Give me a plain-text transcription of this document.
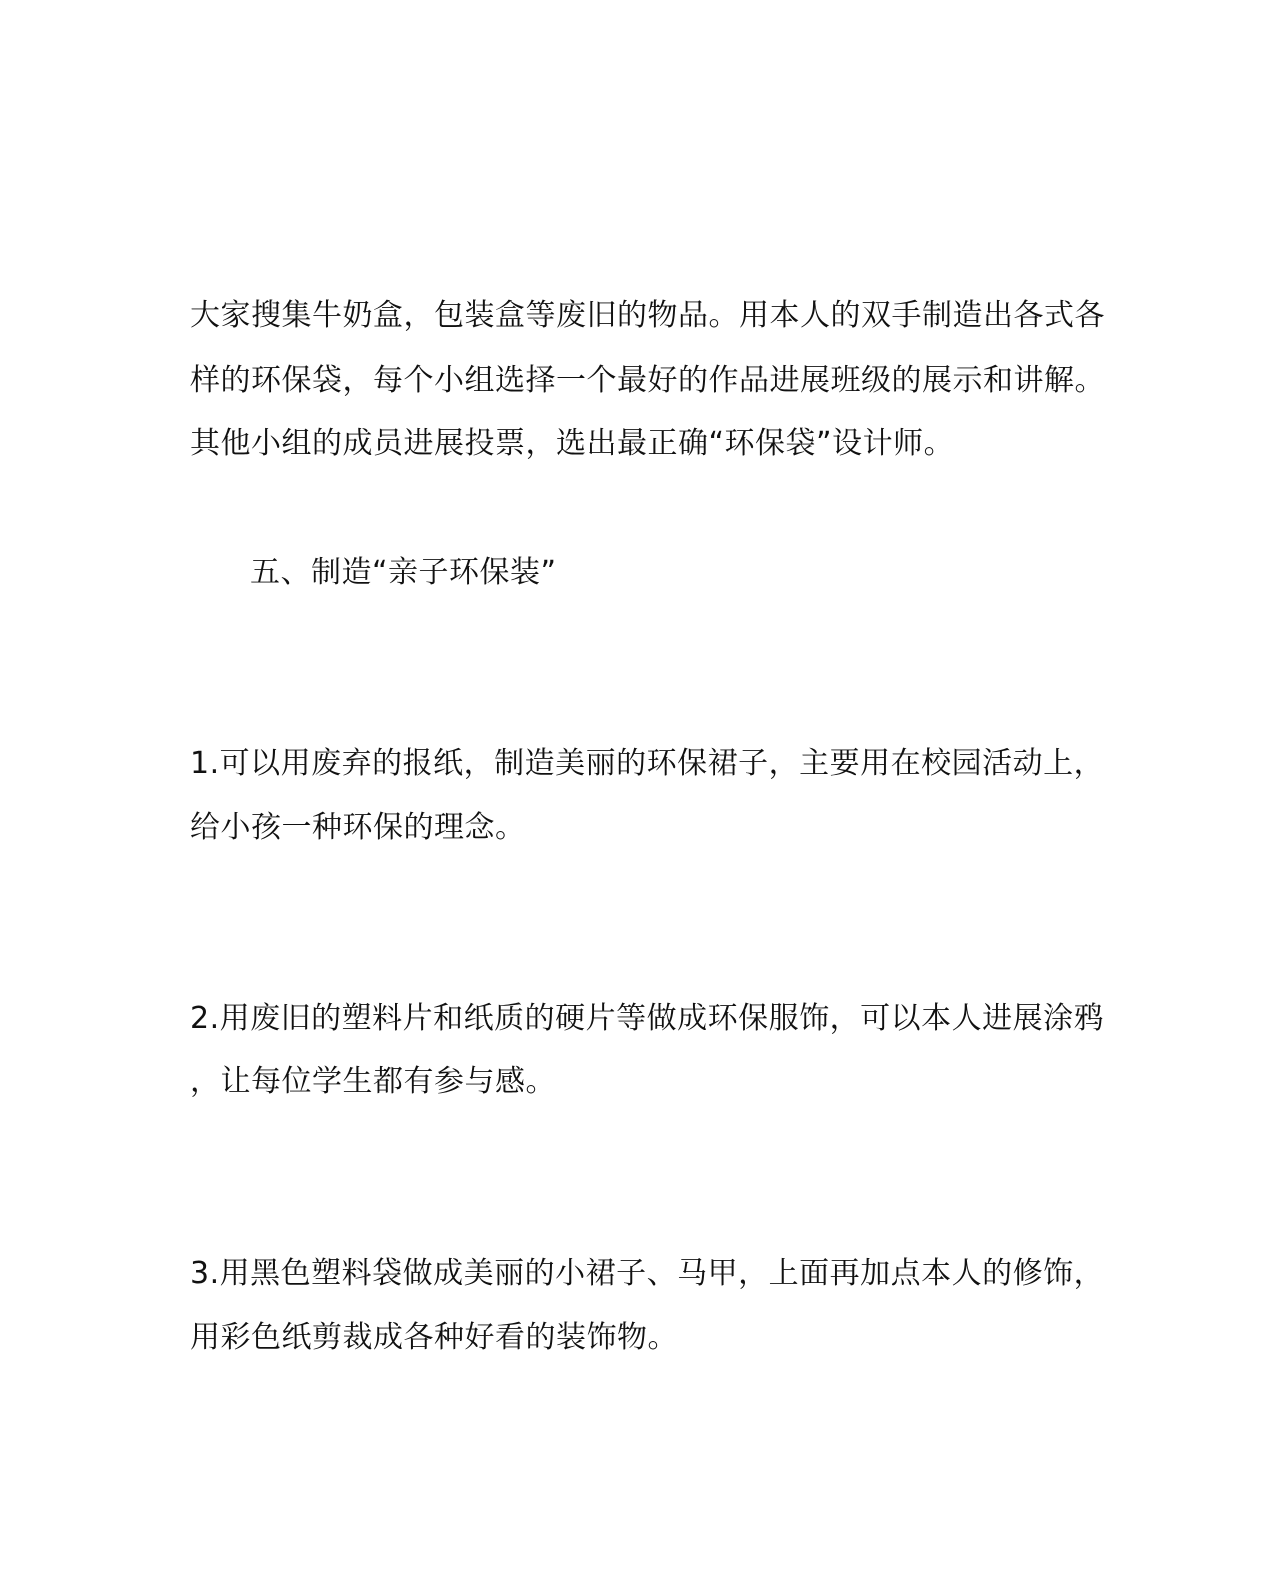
大家搜集牛奶盒，包装盒等废旧的物品。用本人的双手制造出各式各
样的环保袋，每个小组选择一个最好的作品进展班级的展示和讲解。
其他小组的成员进展投票，选出最正确“环保袋”设计师。
五、制造“亲子环保装”
1.可以用废弃的报纸，制造美丽的环保裙子，主要用在校园活动上，
给小孩一种环保的理念。
2.用废旧的塑料片和纸质的硬片等做成环保服饰，可以本人进展涂鸦
，让每位学生都有参与感。
3.用黑色塑料袋做成美丽的小裙子、马甲，上面再加点本人的修饰，
用彩色纸剪裁成各种好看的装饰物。
